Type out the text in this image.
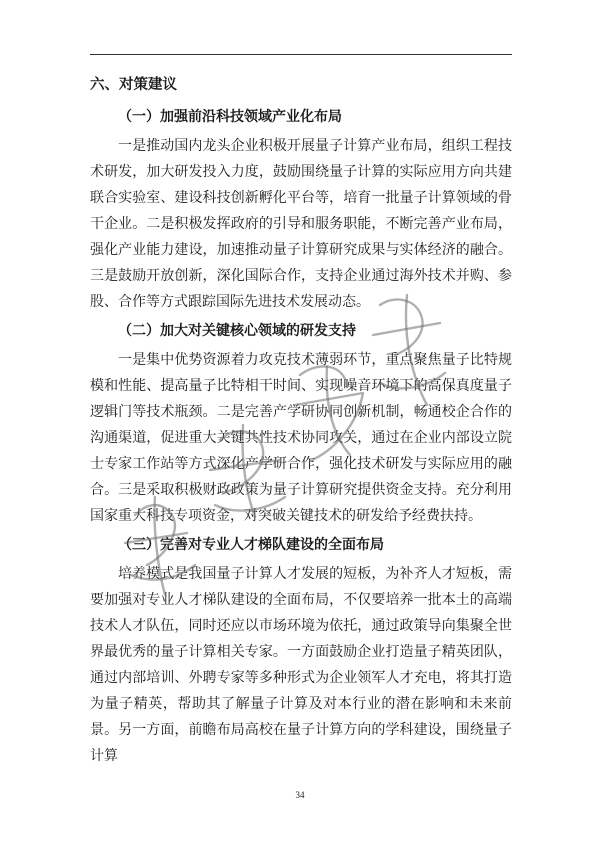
六、对策建议
（一）加强前沿科技领域产业化布局

一是推动国内龙头企业积极开展量子计算产业布局，组织工程技术研发，加大研发投入力度，鼓励围绕量子计算的实际应用方向共建联合实验室、建设科技创新孵化平台等，培育一批量子计算领域的骨干企业。二是积极发挥政府的引导和服务职能，不断完善产业布局，强化产业能力建设，加速推动量子计算研究成果与实体经济的融合。三是鼓励开放创新，深化国际合作，支持企业通过海外技术并购、参股、合作等方式跟踪国际先进技术发展动态。

（二）加大对关键核心领域的研发支持

一是集中优势资源着力攻克技术薄弱环节，重点聚焦量子比特规模和性能、提高量子比特相干时间、实现噪音环境下的高保真度量子逻辑门等技术瓶颈。二是完善产学研协同创新机制，畅通校企合作的沟通渠道，促进重大关键共性技术协同攻关，通过在企业内部设立院士专家工作站等方式深化产学研合作，强化技术研发与实际应用的融合。三是采取积极财政政策为量子计算研究提供资金支持。充分利用国家重大科技专项资金，对突破关键技术的研发给予经费扶持。

（三）完善对专业人才梯队建设的全面布局

培养模式是我国量子计算人才发展的短板，为补齐人才短板，需要加强对专业人才梯队建设的全面布局，不仅要培养一批本土的高端技术人才队伍，同时还应以市场环境为依托，通过政策导向集聚全世界最优秀的量子计算相关专家。一方面鼓励企业打造量子精英团队，通过内部培训、外聘专家等多种形式为企业领军人才充电，将其打造为量子精英，帮助其了解量子计算及对本行业的潜在影响和未来前景。另一方面，前瞻布局高校在量子计算方向的学科建设，围绕量子计算

34
